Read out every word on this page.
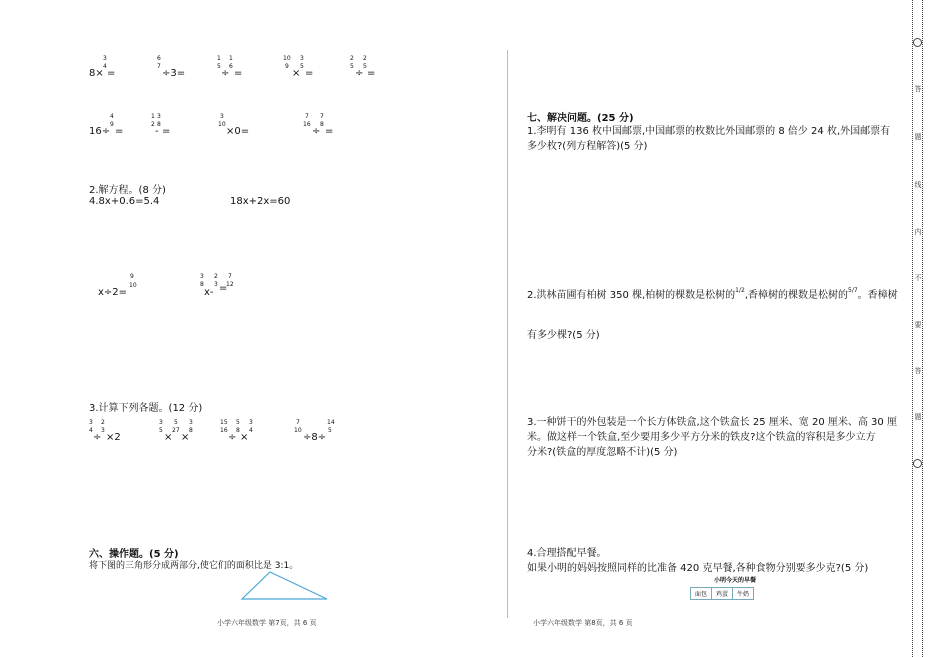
8×
3
4
=
6
7
÷3=
1
5
÷
1
6
=
10
9
×
3
5
=
2
5
÷
2
5
=
16÷
4
9
=
1
2
3
8
- =
3
10
×0=
7
16
÷
7
8
=
2.解方程。(8 分)
4.8x+0.6=5.4	18x+2x=60
x÷2=
9
10
3
8
x-
2
3 =
7
12
3.计算下列各题。(12 分)
3
4
÷
2
3
×2
3
5
×
5
27
×
3
8
15
16
÷
5
8
×
3
4
7
10
÷8÷
14
5
六、操作题。(5 分)
将下图的三角形分成两部分,使它们的面积比是 3:1。
小学六年级数学 第7页，共 6 页
七、解决问题。(25 分)
1.李明有 136 枚中国邮票,中国邮票的枚数比外国邮票的 8 倍少 24 枚,外国邮票有
多少枚?(列方程解答)(5 分)
2.洪林苗圃有柏树 350 棵,柏树的棵数是松树的$^{1/2}$,香樟树的棵数是松树的$^{5/7}$。香樟树
有多少棵?(5 分)
3.一种饼干的外包装是一个长方体铁盒,这个铁盒长 25 厘米、宽 20 厘米、高 30 厘
米。做这样一个铁盒,至少要用多少平方分米的铁皮?这个铁盒的容积是多少立方
分米?(铁盒的厚度忽略不计)(5 分)
4.合理搭配早餐。
如果小明的妈妈按照同样的比准备 420 克早餐,各种食物分别要多少克?(5 分)
小明今天的早餐
面包	鸡蛋	牛奶
小学六年级数学 第8页，共 6 页
答
题
线
内
不
要
答
题
